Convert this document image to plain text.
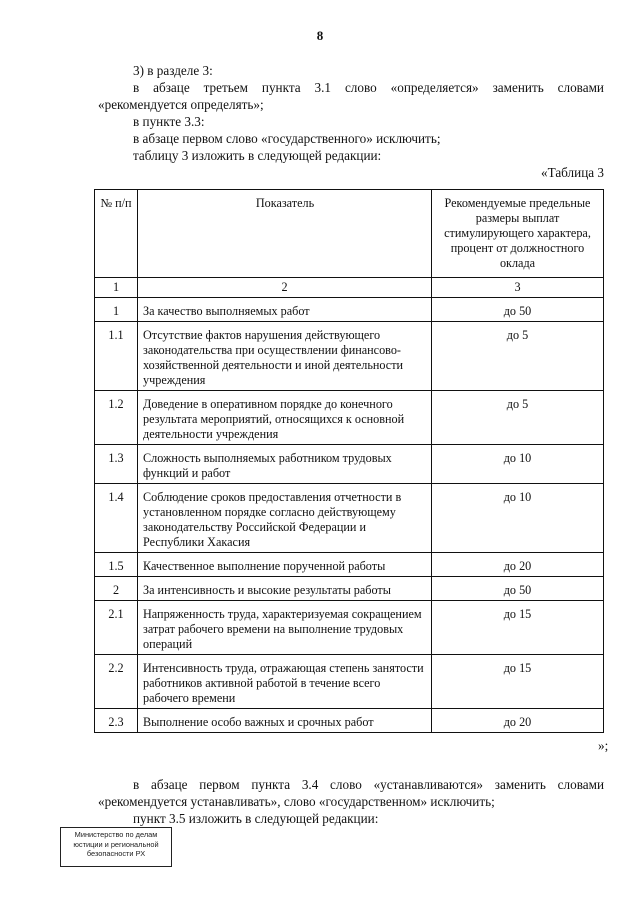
8

3) в разделе 3:

в абзаце третьем пункта 3.1 слово «определяется» заменить словами

«рекомендуется определять»;

в пункте 3.3:

в абзаце первом слово «государственного» исключить;

таблицу 3 изложить в следующей редакции:

«Таблица 3

№ п/п	Показатель	Рекомендуемые предельные размеры выплат стимулирующего характера, процент от должностного оклада
1	2	3
1	За качество выполняемых работ	до 50
1.1	Отсутствие фактов нарушения действующего законодательства при осуществлении финансово-хозяйственной деятельности и иной деятельности учреждения	до 5
1.2	Доведение в оперативном порядке до конечного результата мероприятий, относящихся к основной деятельности учреждения	до 5
1.3	Сложность выполняемых работником трудовых функций и работ	до 10
1.4	Соблюдение сроков предоставления отчетности в установленном порядке согласно действующему законодательству Российской Федерации и Республики Хакасия	до 10
1.5	Качественное выполнение порученной работы	до 20
2	За интенсивность и высокие результаты работы	до 50
2.1	Напряженность труда, характеризуемая сокращением затрат рабочего времени на выполнение трудовых операций	до 15
2.2	Интенсивность труда, отражающая степень занятости работников активной работой в течение всего рабочего времени	до 15
2.3	Выполнение особо важных и срочных работ	до 20
»;

в абзаце первом пункта 3.4 слово «устанавливаются» заменить словами

«рекомендуется устанавливать», слово «государственном» исключить;

пункт 3.5 изложить в следующей редакции:

Министерство по делам
юстиции и региональной
безопасности РХ
